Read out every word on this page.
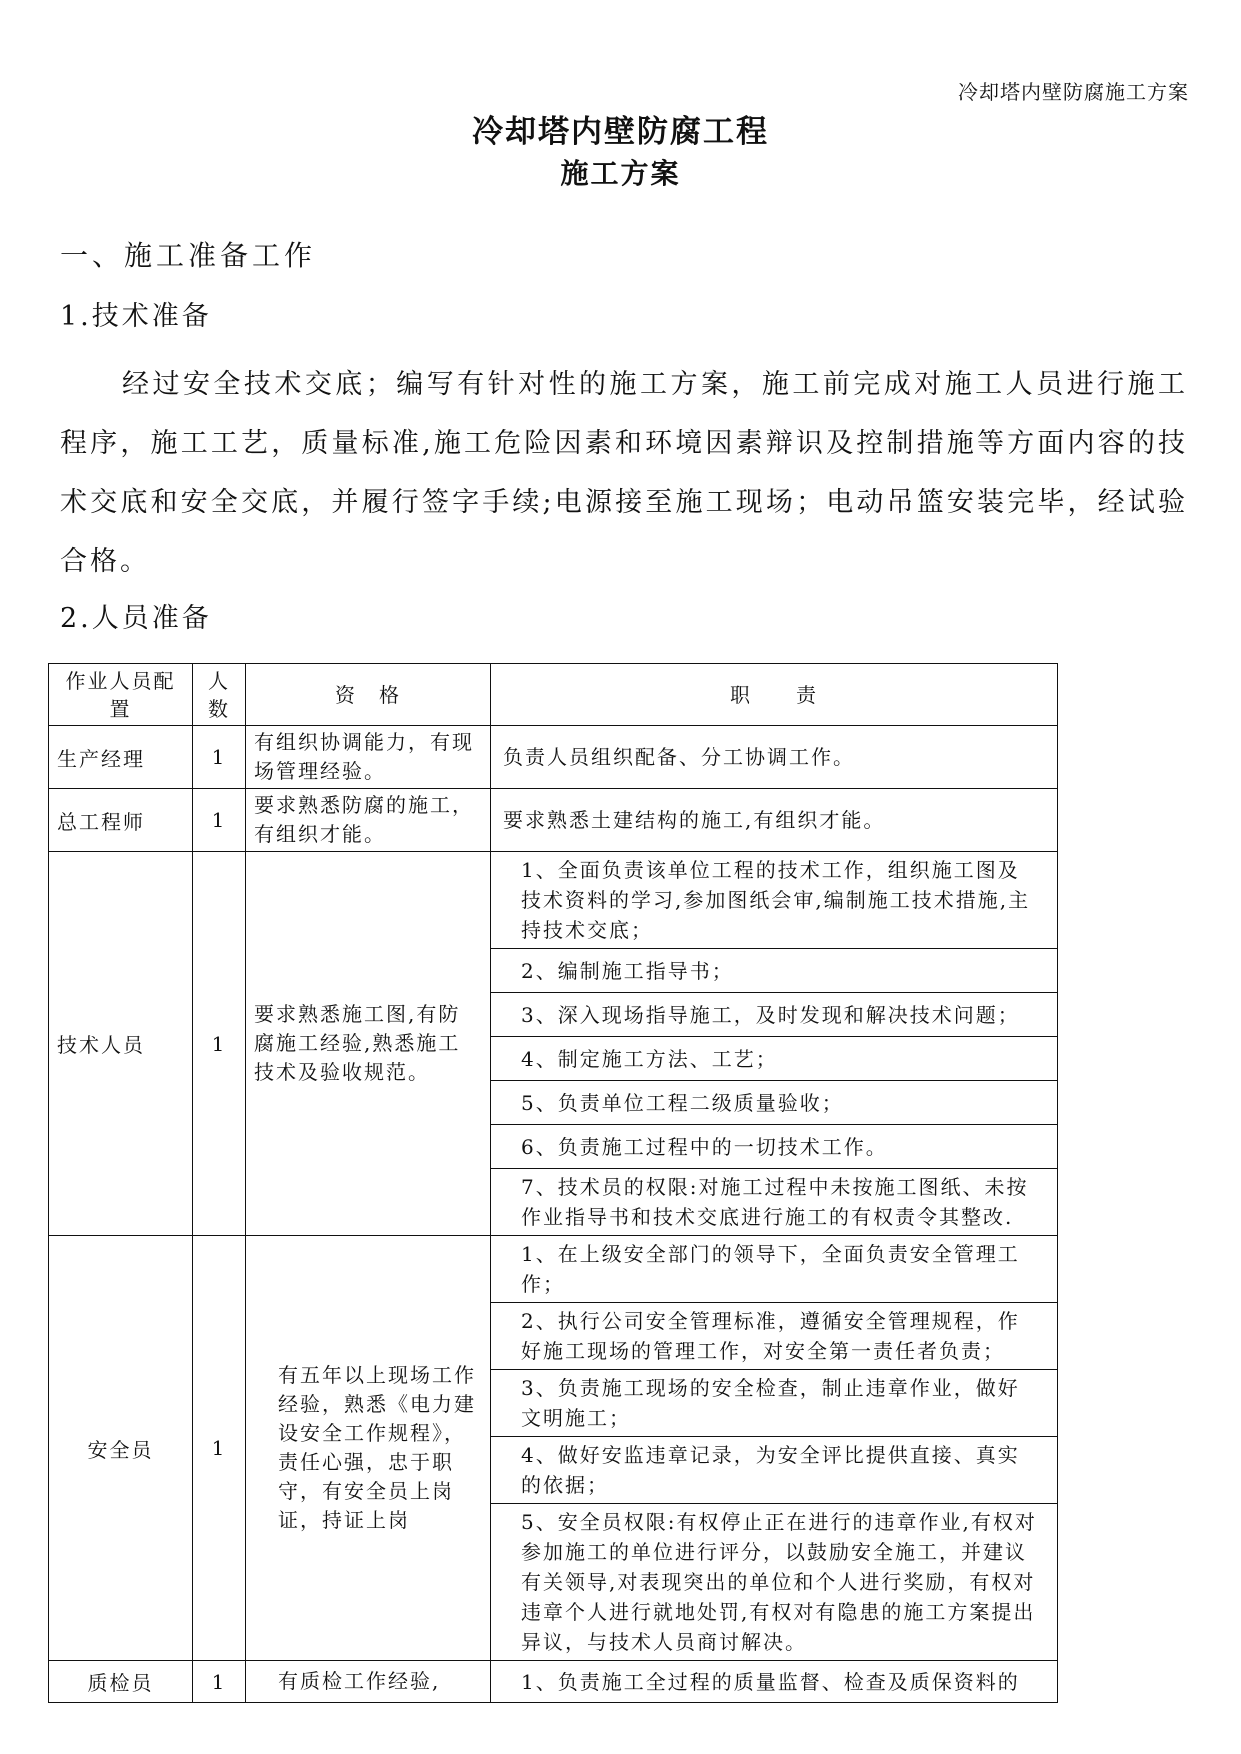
冷却塔内壁防腐施工方案
冷却塔内壁防腐工程
施工方案
一、施工准备工作
1.技术准备

经过安全技术交底；编写有针对性的施工方案，施工前完成对施工人员进行施工程序，施工工艺，质量标准,施工危险因素和环境因素辩识及控制措施等方面内容的技术交底和安全交底，并履行签字手续;电源接至施工现场；电动吊篮安装完毕，经试验合格。

2.人员准备
作业人员配置	人数	资　格	职　　责
生产经理	1	有组织协调能力，有现场管理经验。	负责人员组织配备、分工协调工作。
总工程师	1	要求熟悉防腐的施工，有组织才能。	要求熟悉土建结构的施工,有组织才能。
技术人员	1	要求熟悉施工图,有防腐施工经验,熟悉施工技术及验收规范。	1、全面负责该单位工程的技术工作，组织施工图及技术资料的学习,参加图纸会审,编制施工技术措施,主持技术交底；
			2、编制施工指导书；
			3、深入现场指导施工，及时发现和解决技术问题；
			4、制定施工方法、工艺；
			5、负责单位工程二级质量验收；
			6、负责施工过程中的一切技术工作。
			7、技术员的权限:对施工过程中未按施工图纸、未按作业指导书和技术交底进行施工的有权责令其整改.
安全员	1	有五年以上现场工作经验，熟悉《电力建设安全工作规程》，责任心强，忠于职守，有安全员上岗证，持证上岗	1、在上级安全部门的领导下，全面负责安全管理工作；
			2、执行公司安全管理标准，遵循安全管理规程，作好施工现场的管理工作，对安全第一责任者负责；
			3、负责施工现场的安全检查，制止违章作业，做好文明施工；
			4、做好安监违章记录，为安全评比提供直接、真实的依据；
			5、安全员权限:有权停止正在进行的违章作业,有权对参加施工的单位进行评分，以鼓励安全施工，并建议有关领导,对表现突出的单位和个人进行奖励，有权对违章个人进行就地处罚,有权对有隐患的施工方案提出异议，与技术人员商讨解决。
质检员	1	有质检工作经验,	1、负责施工全过程的质量监督、检查及质保资料的
